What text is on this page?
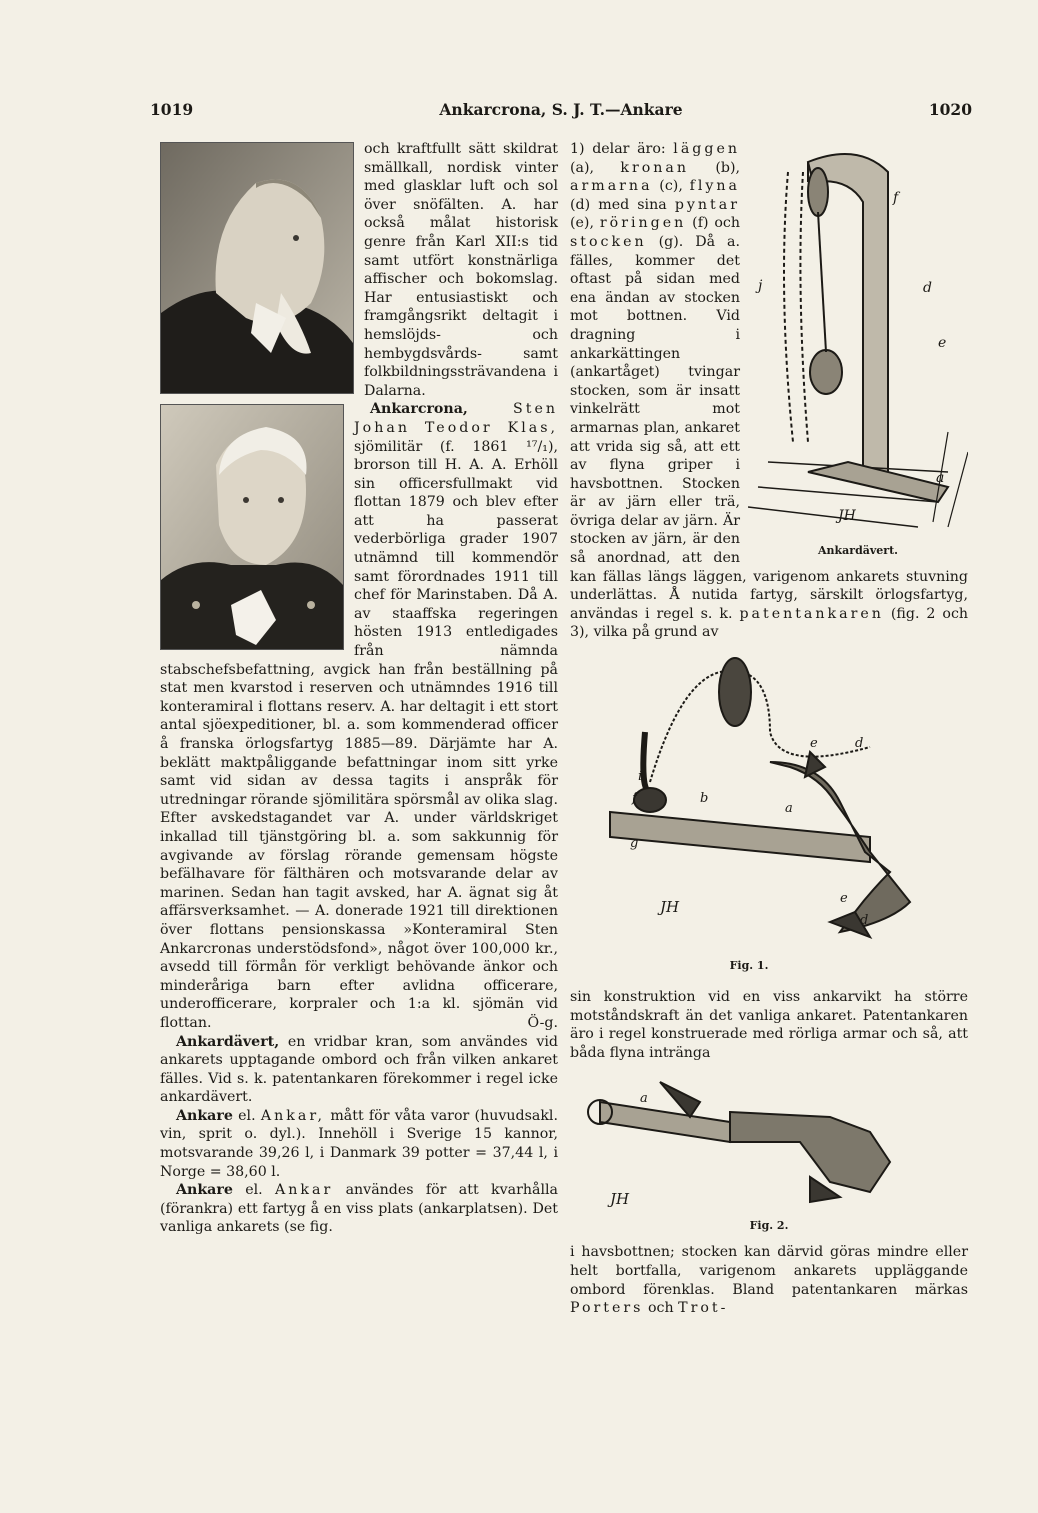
1019	Ankarcrona, S. J. T.—Ankare	1020

och kraftfullt sätt skildrat smällkall, nordisk vinter med glasklar luft och sol över snöfälten. A. har också målat historisk genre från Karl XII:s tid samt utfört konstnärliga affischer och bokomslag. Har entusiastiskt och framgångsrikt deltagit i hemslöjds- och hembygdsvårds- samt folkbildningssträvandena i Dalarna.

Ankarcrona,	Sten Johan Teodor Klas, sjömilitär (f. 1861 ¹⁷/₁), brorson till H. A. A. Erhöll sin officersfullmakt vid flottan 1879 och blev efter att ha passerat vederbörliga grader 1907 utnämnd till kommendör samt förordnades 1911 till chef för Marinstaben. Då A. av staaffska regeringen hösten 1913 entledigades från nämnda stabschefsbefattning, avgick han från beställning på stat men kvarstod i reserven och utnämndes 1916 till konteramiral i flottans reserv. A. har deltagit i ett stort antal sjöexpeditioner, bl. a. som kommenderad officer å franska örlogsfartyg 1885—89. Därjämte har A. beklätt maktpåliggande befattningar inom sitt yrke samt vid sidan av dessa tagits i anspråk för utredningar rörande sjömilitära spörsmål av olika slag. Efter avskedstagandet var A. under världskriget inkallad till tjänstgöring bl. a. som sakkunnig för avgivande av förslag rörande gemensam högste befälhavare för fälthären och motsvarande delar av marinen. Sedan han tagit avsked, har A. ägnat sig åt affärsverksamhet. — A. donerade 1921 till direktionen över flottans pensionskassa »Konteramiral Sten Ankarcronas understödsfond», något över 100,000 kr., avsedd till förmån för verkligt behövande änkor och minderåriga barn efter avlidna officerare, underofficerare, korpraler och 1:a kl. sjömän vid flottan.	Ö-g.

Ankardävert, en vridbar kran, som användes vid ankarets upptagande ombord och från vilken ankaret fälles. Vid s. k. patentankaren förekommer i regel icke ankardävert.

Ankare el. Ankar, mått för våta varor (huvudsakl. vin, sprit o. dyl.). Innehöll i Sverige 15 kannor, motsvarande 39,26 l, i Danmark 39 potter = 37,44 l, i Norge = 38,60 l.

Ankare el. Ankar användes för att kvarhålla (förankra) ett fartyg å en viss plats (ankarplatsen). Det vanliga ankarets (se fig.

f
d
e
j
a
JH
Ankardävert.

1) delar äro: läggen (a), kronan (b), armarna (c), flyna (d) med sina pyntar (e), röringen (f) och stocken (g). Då a. fälles, kommer det oftast på sidan med ena ändan av stocken mot bottnen. Vid dragning i ankarkättingen (ankartåget) tvingar stocken, som är insatt vinkelrätt mot armarnas plan, ankaret att vrida sig så, att ett av flyna griper i havsbottnen. Stocken är av järn eller trä, övriga delar av järn. Är stocken av järn, är den så anordnad, att den kan fällas längs läggen, varigenom ankarets stuvning underlättas. Å nutida fartyg, särskilt örlogsfartyg, användas i regel s. k. patentankaren (fig. 2 och 3), vilka på grund av

i
f	b
a
g
e	d
e
d
JH
Fig. 1.

sin konstruktion vid en viss ankarvikt ha större motståndskraft än det vanliga ankaret. Patentankaren äro i regel konstruerade med rörliga armar och så, att båda flyna intränga

a
JH
Fig. 2.

i havsbottnen; stocken kan därvid göras mindre eller helt bortfalla, varigenom ankarets uppläggande ombord förenklas. Bland patentankaren märkas Porters och Trot-
